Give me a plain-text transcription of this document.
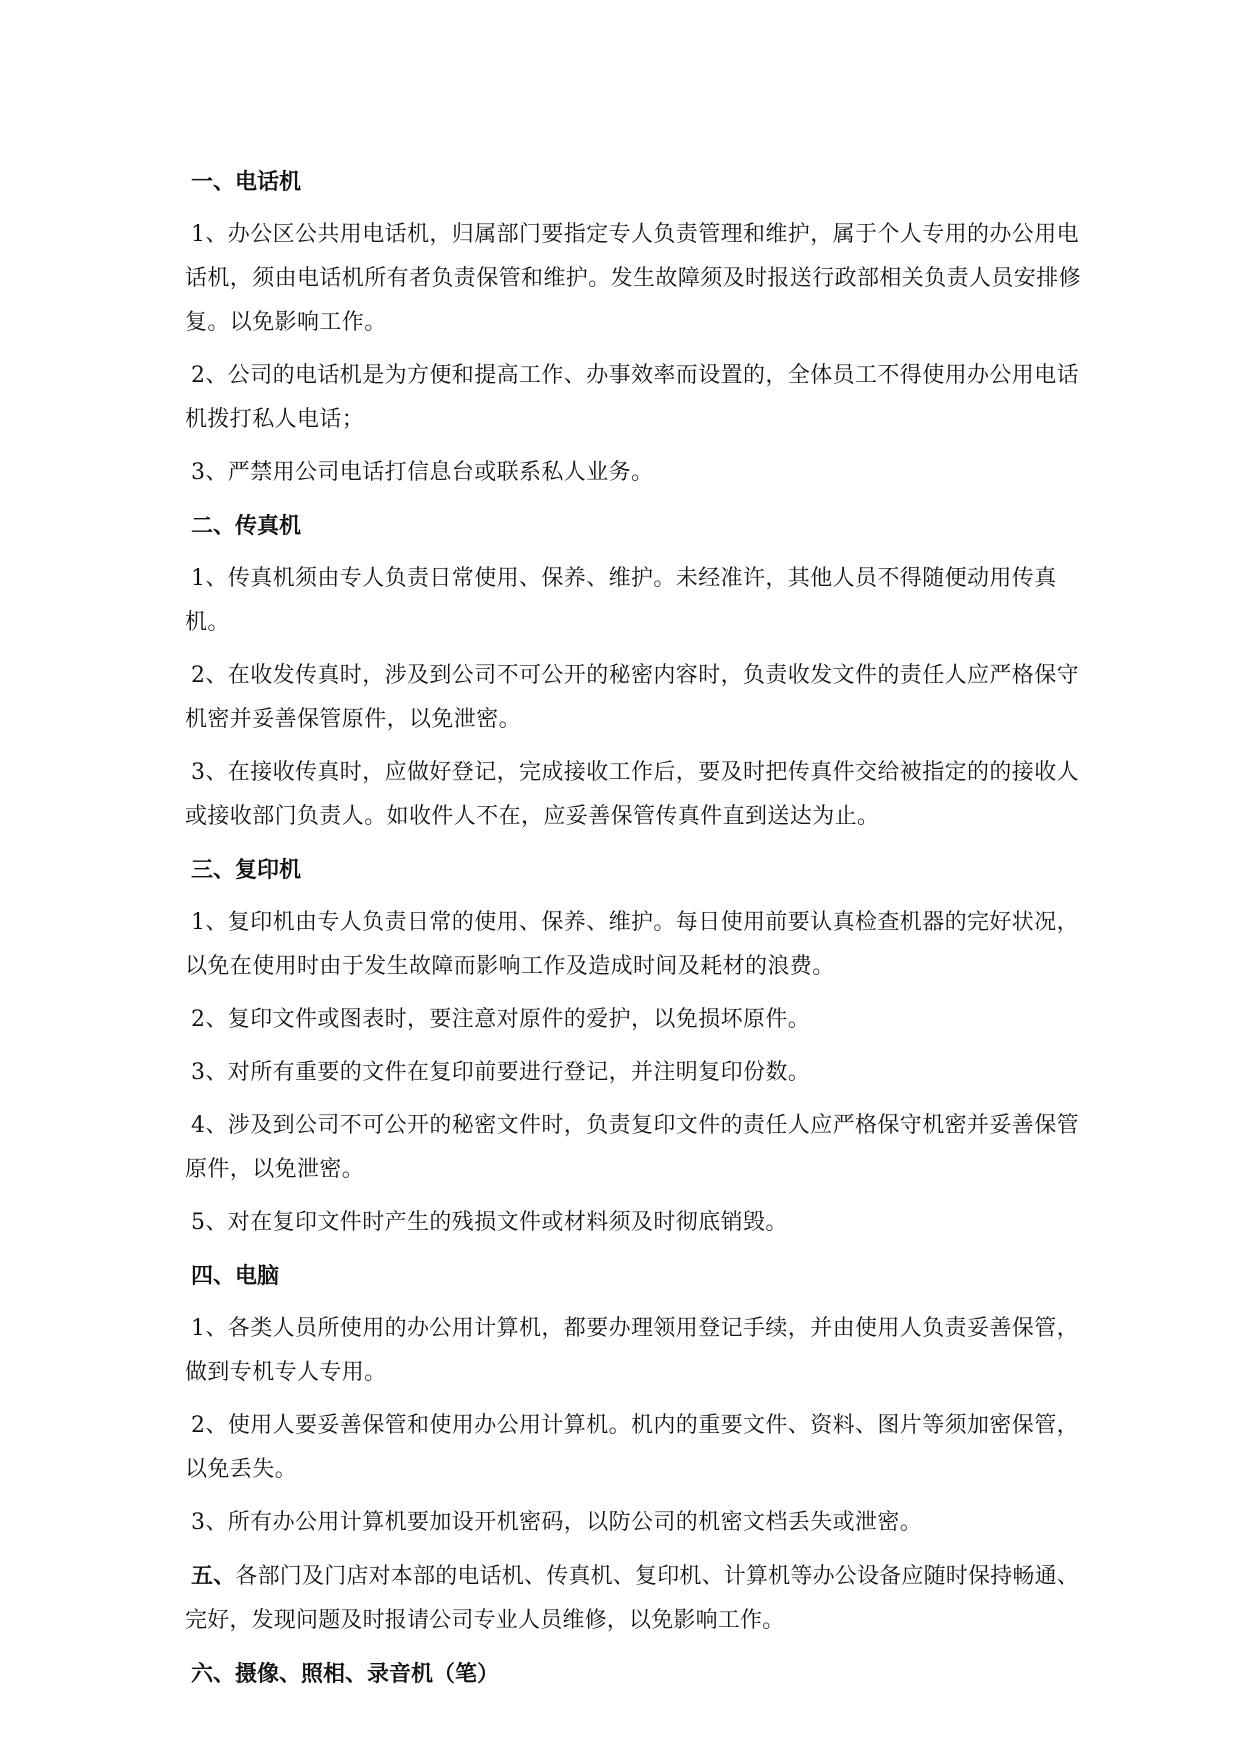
一、电话机
1、办公区公共用电话机，归属部门要指定专人负责管理和维护，属于个人专用的办公用电话机，须由电话机所有者负责保管和维护。发生故障须及时报送行政部相关负责人员安排修复。以免影响工作。
2、公司的电话机是为方便和提高工作、办事效率而设置的，全体员工不得使用办公用电话机拨打私人电话；
3、严禁用公司电话打信息台或联系私人业务。
二、传真机
1、传真机须由专人负责日常使用、保养、维护。未经准许，其他人员不得随便动用传真机。
2、在收发传真时，涉及到公司不可公开的秘密内容时，负责收发文件的责任人应严格保守机密并妥善保管原件，以免泄密。
3、在接收传真时，应做好登记，完成接收工作后，要及时把传真件交给被指定的的接收人或接收部门负责人。如收件人不在，应妥善保管传真件直到送达为止。
三、复印机
1、复印机由专人负责日常的使用、保养、维护。每日使用前要认真检查机器的完好状况，以免在使用时由于发生故障而影响工作及造成时间及耗材的浪费。
2、复印文件或图表时，要注意对原件的爱护，以免损坏原件。
3、对所有重要的文件在复印前要进行登记，并注明复印份数。
4、涉及到公司不可公开的秘密文件时，负责复印文件的责任人应严格保守机密并妥善保管原件，以免泄密。
5、对在复印文件时产生的残损文件或材料须及时彻底销毁。
四、电脑
1、各类人员所使用的办公用计算机，都要办理领用登记手续，并由使用人负责妥善保管，做到专机专人专用。
2、使用人要妥善保管和使用办公用计算机。机内的重要文件、资料、图片等须加密保管，以免丢失。
3、所有办公用计算机要加设开机密码，以防公司的机密文档丢失或泄密。
五、各部门及门店对本部的电话机、传真机、复印机、计算机等办公设备应随时保持畅通、完好，发现问题及时报请公司专业人员维修，以免影响工作。
六、摄像、照相、录音机（笔）
